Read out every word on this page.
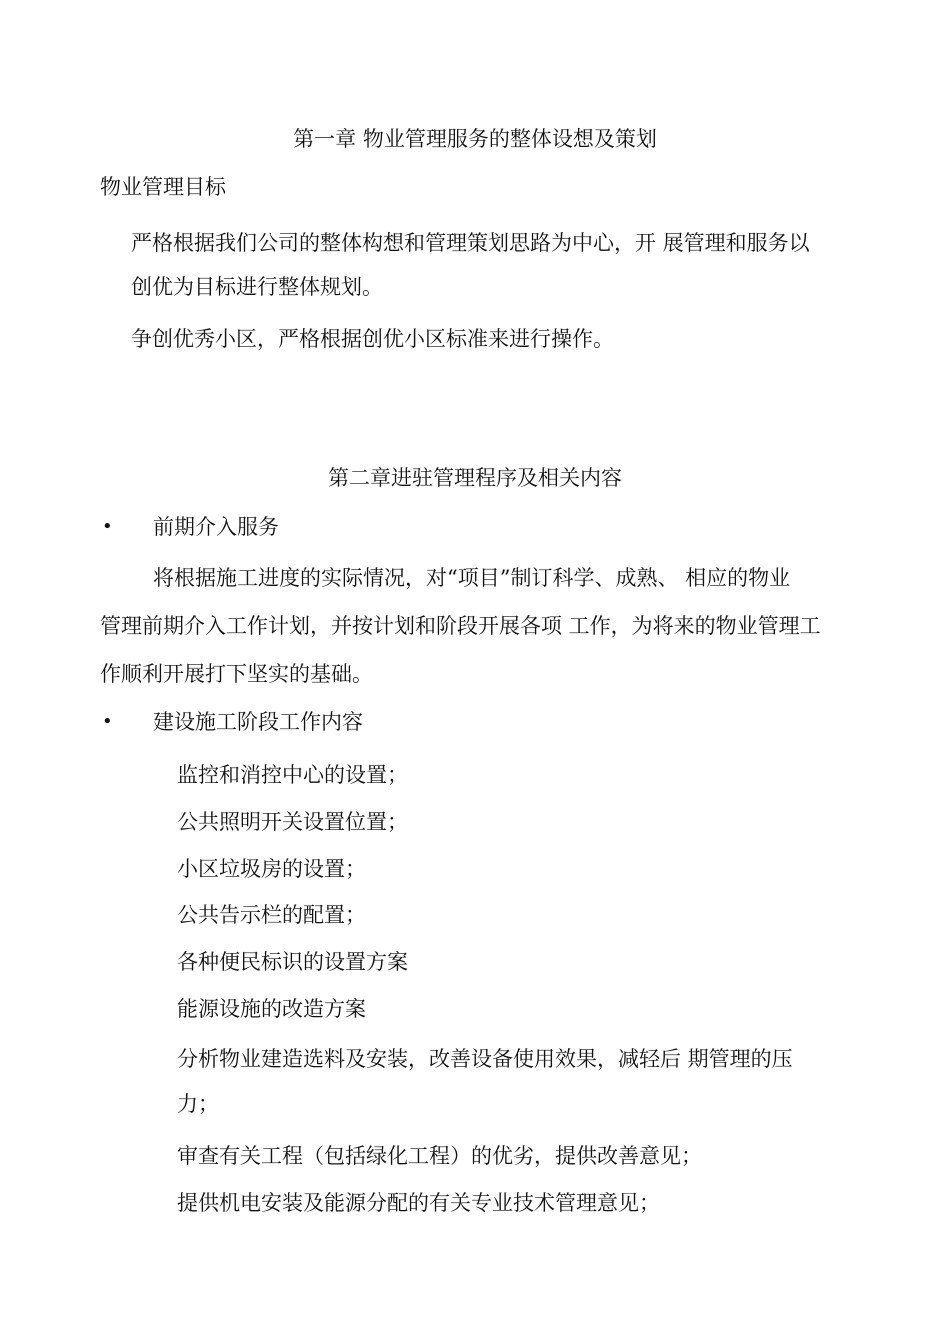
第一章 物业管理服务的整体设想及策划
物业管理目标
严格根据我们公司的整体构想和管理策划思路为中心，开 展管理和服务以
创优为目标进行整体规划。
争创优秀小区，严格根据创优小区标准来进行操作。
第二章进驻管理程序及相关内容
• 前期介入服务
将根据施工进度的实际情况，对“项目”制订科学、成熟、 相应的物业
管理前期介入工作计划，并按计划和阶段开展各项 工作，为将来的物业管理工
作顺利开展打下坚实的基础。
• 建设施工阶段工作内容
监控和消控中心的设置；
公共照明开关设置位置；
小区垃圾房的设置；
公共告示栏的配置；
各种便民标识的设置方案
能源设施的改造方案
分析物业建造选料及安装，改善设备使用效果，减轻后 期管理的压
力；
审查有关工程（包括绿化工程）的优劣，提供改善意见；
提供机电安装及能源分配的有关专业技术管理意见；
